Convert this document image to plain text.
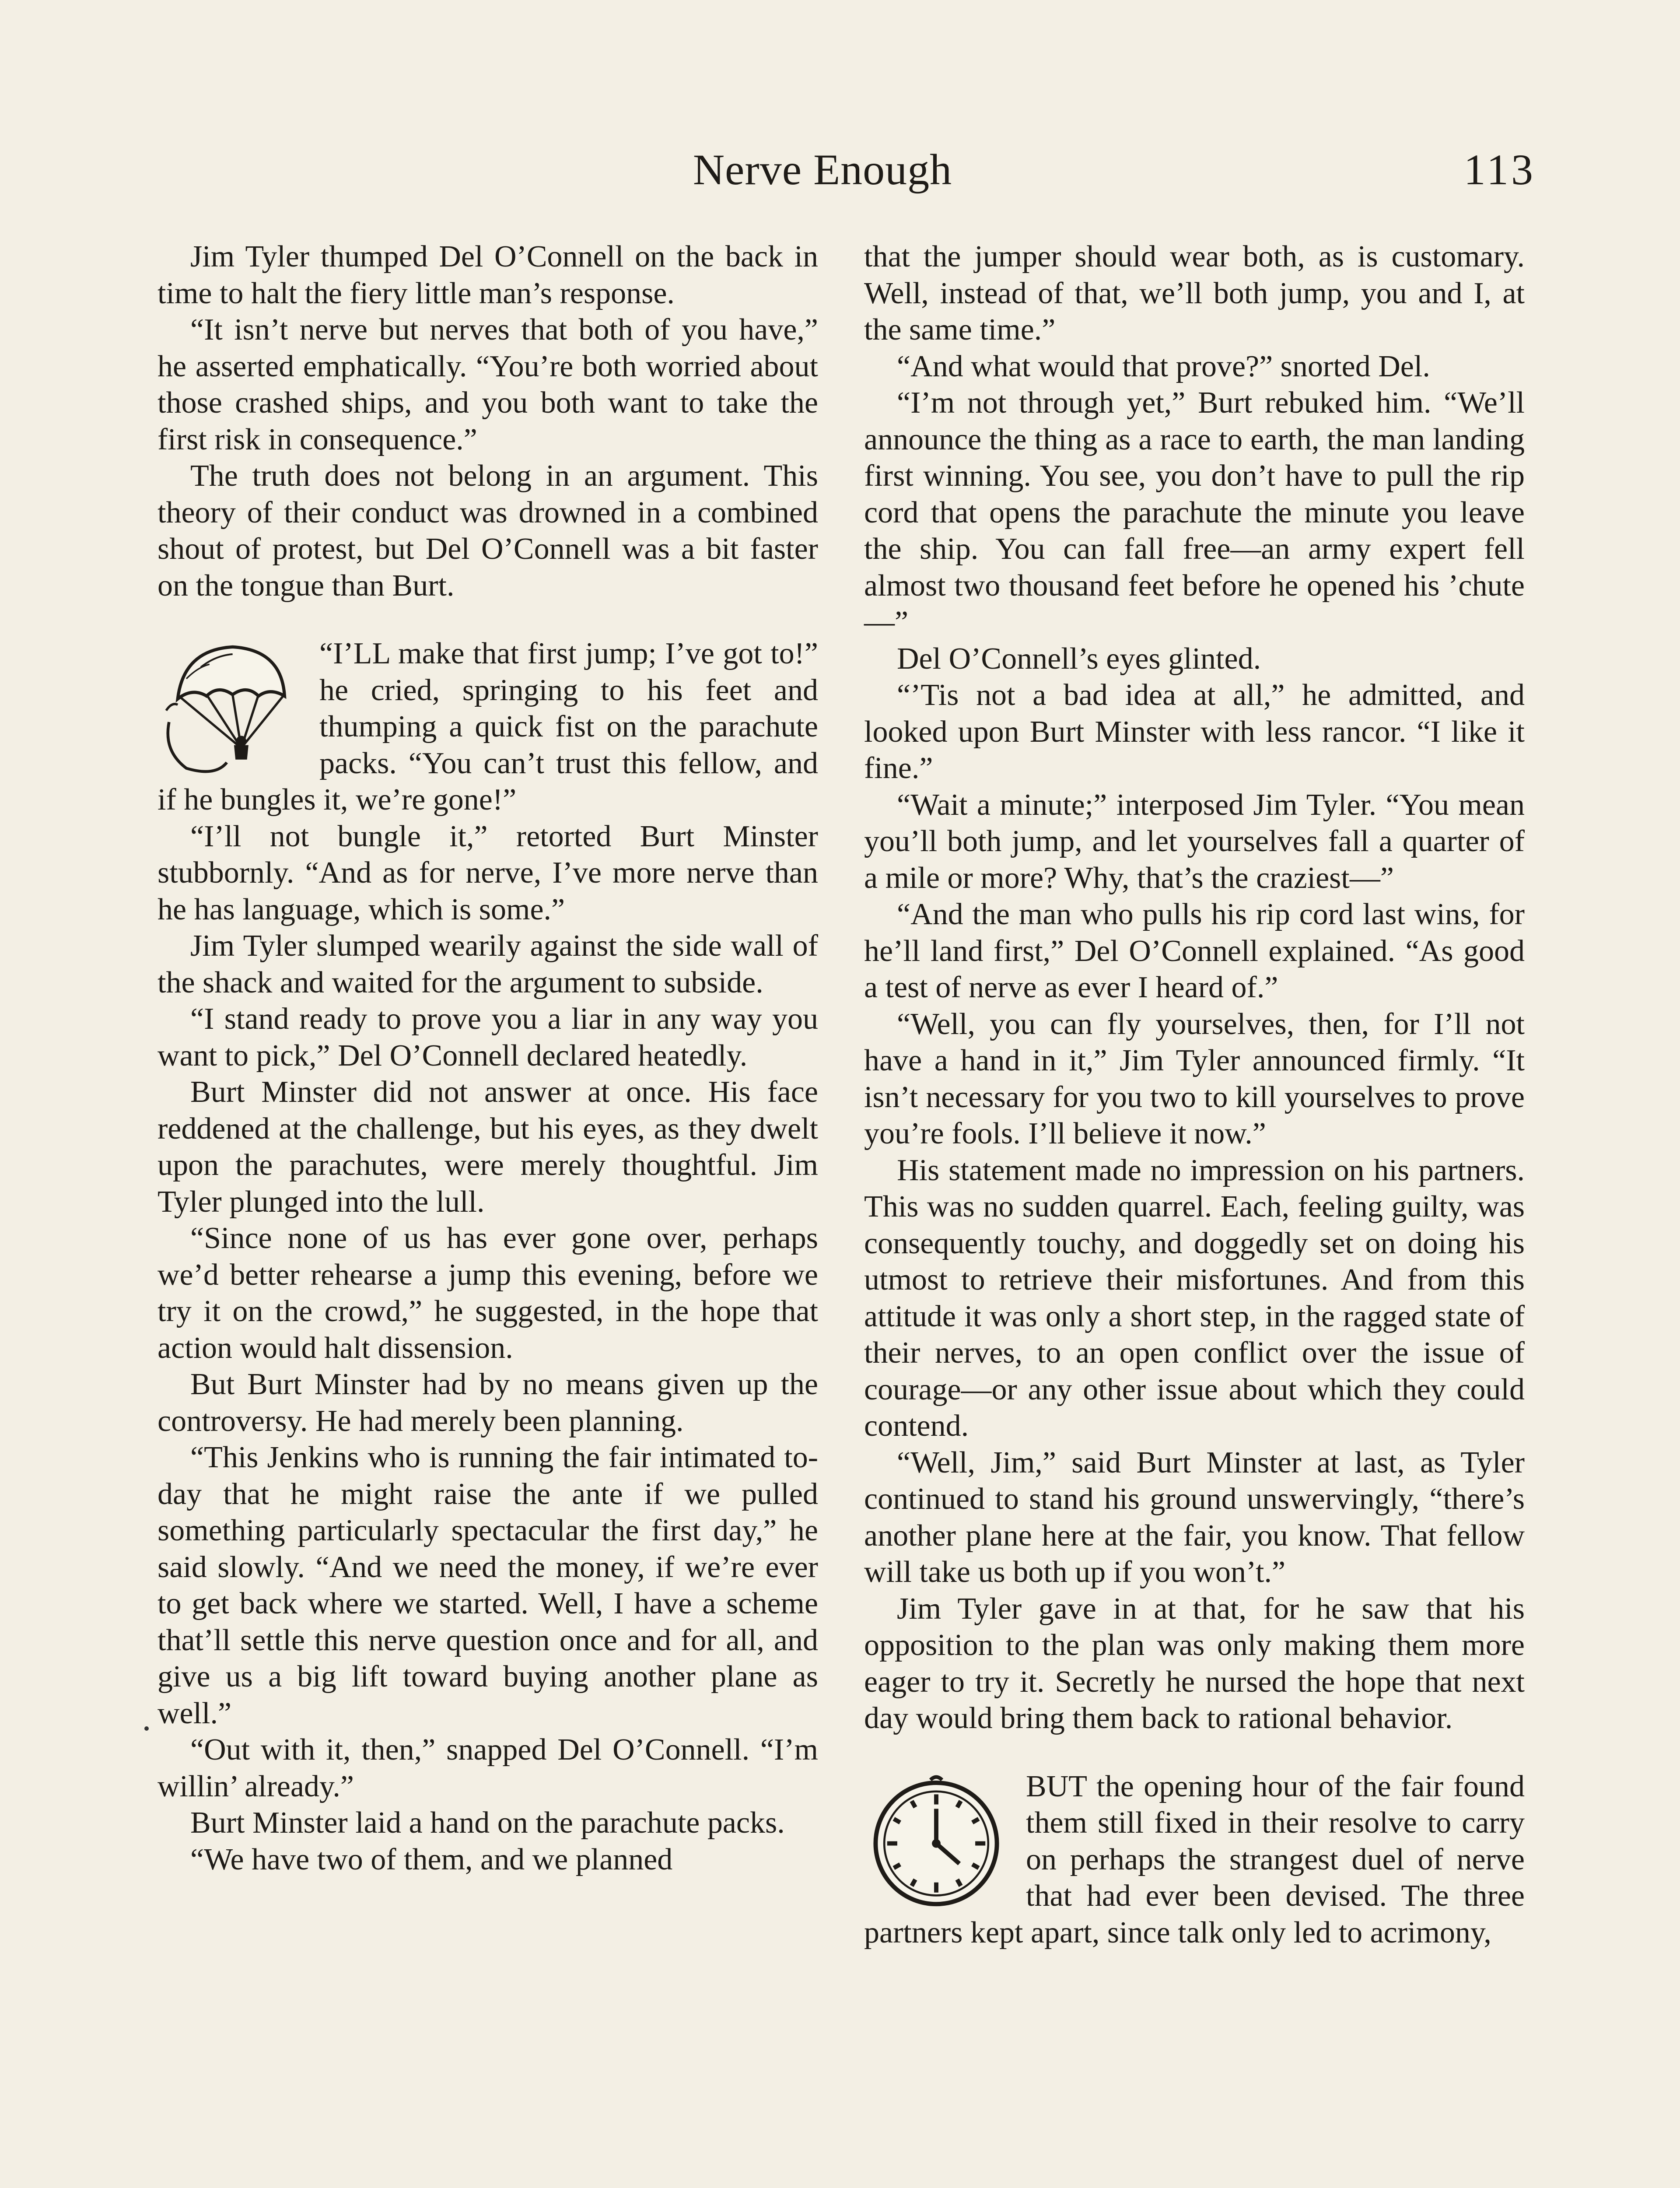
Nerve Enough	113

Jim Tyler thumped Del O’Connell on the back in time to halt the fiery little man’s response.

“It isn’t nerve but nerves that both of you have,” he asserted emphatically. “You’re both worried about those crashed ships, and you both want to take the first risk in consequence.”

The truth does not belong in an argument. This theory of their conduct was drowned in a combined shout of protest, but Del O’Connell was a bit faster on the tongue than Burt.

“I’LL make that first jump; I’ve got to!” he cried, springing to his feet and thumping a quick fist on the parachute packs. “You can’t trust this fellow, and if he bungles it, we’re gone!”

“I’ll not bungle it,” retorted Burt Minster stubbornly. “And as for nerve, I’ve more nerve than he has language, which is some.”

Jim Tyler slumped wearily against the side wall of the shack and waited for the argument to subside.

“I stand ready to prove you a liar in any way you want to pick,” Del O’Connell declared heatedly.

Burt Minster did not answer at once. His face reddened at the challenge, but his eyes, as they dwelt upon the parachutes, were merely thoughtful. Jim Tyler plunged into the lull.

“Since none of us has ever gone over, perhaps we’d better rehearse a jump this evening, before we try it on the crowd,” he suggested, in the hope that action would halt dissension.

But Burt Minster had by no means given up the controversy. He had merely been planning.

“This Jenkins who is running the fair intimated to-day that he might raise the ante if we pulled something particularly spectacular the first day,” he said slowly. “And we need the money, if we’re ever to get back where we started. Well, I have a scheme that’ll settle this nerve question once and for all, and give us a big lift toward buying another plane as well.”

“Out with it, then,” snapped Del O’Connell. “I’m willin’ already.”

Burt Minster laid a hand on the parachute packs.

“We have two of them, and we planned

that the jumper should wear both, as is customary. Well, instead of that, we’ll both jump, you and I, at the same time.”

“And what would that prove?” snorted Del.

“I’m not through yet,” Burt rebuked him. “We’ll announce the thing as a race to earth, the man landing first winning. You see, you don’t have to pull the rip cord that opens the parachute the minute you leave the ship. You can fall free—an army expert fell almost two thousand feet before he opened his ’chute—”

Del O’Connell’s eyes glinted.

“’Tis not a bad idea at all,” he admitted, and looked upon Burt Minster with less rancor. “I like it fine.”

“Wait a minute;” interposed Jim Tyler. “You mean you’ll both jump, and let yourselves fall a quarter of a mile or more? Why, that’s the craziest—”

“And the man who pulls his rip cord last wins, for he’ll land first,” Del O’Connell explained. “As good a test of nerve as ever I heard of.”

“Well, you can fly yourselves, then, for I’ll not have a hand in it,” Jim Tyler announced firmly. “It isn’t necessary for you two to kill yourselves to prove you’re fools. I’ll believe it now.”

His statement made no impression on his partners. This was no sudden quarrel. Each, feeling guilty, was consequently touchy, and doggedly set on doing his utmost to retrieve their misfortunes. And from this attitude it was only a short step, in the ragged state of their nerves, to an open conflict over the issue of courage—or any other issue about which they could contend.

“Well, Jim,” said Burt Minster at last, as Tyler continued to stand his ground unswervingly, “there’s another plane here at the fair, you know. That fellow will take us both up if you won’t.”

Jim Tyler gave in at that, for he saw that his opposition to the plan was only making them more eager to try it. Secretly he nursed the hope that next day would bring them back to rational behavior.

BUT the opening hour of the fair found them still fixed in their resolve to carry on perhaps the strangest duel of nerve that had ever been devised. The three partners kept apart, since talk only led to acrimony,
